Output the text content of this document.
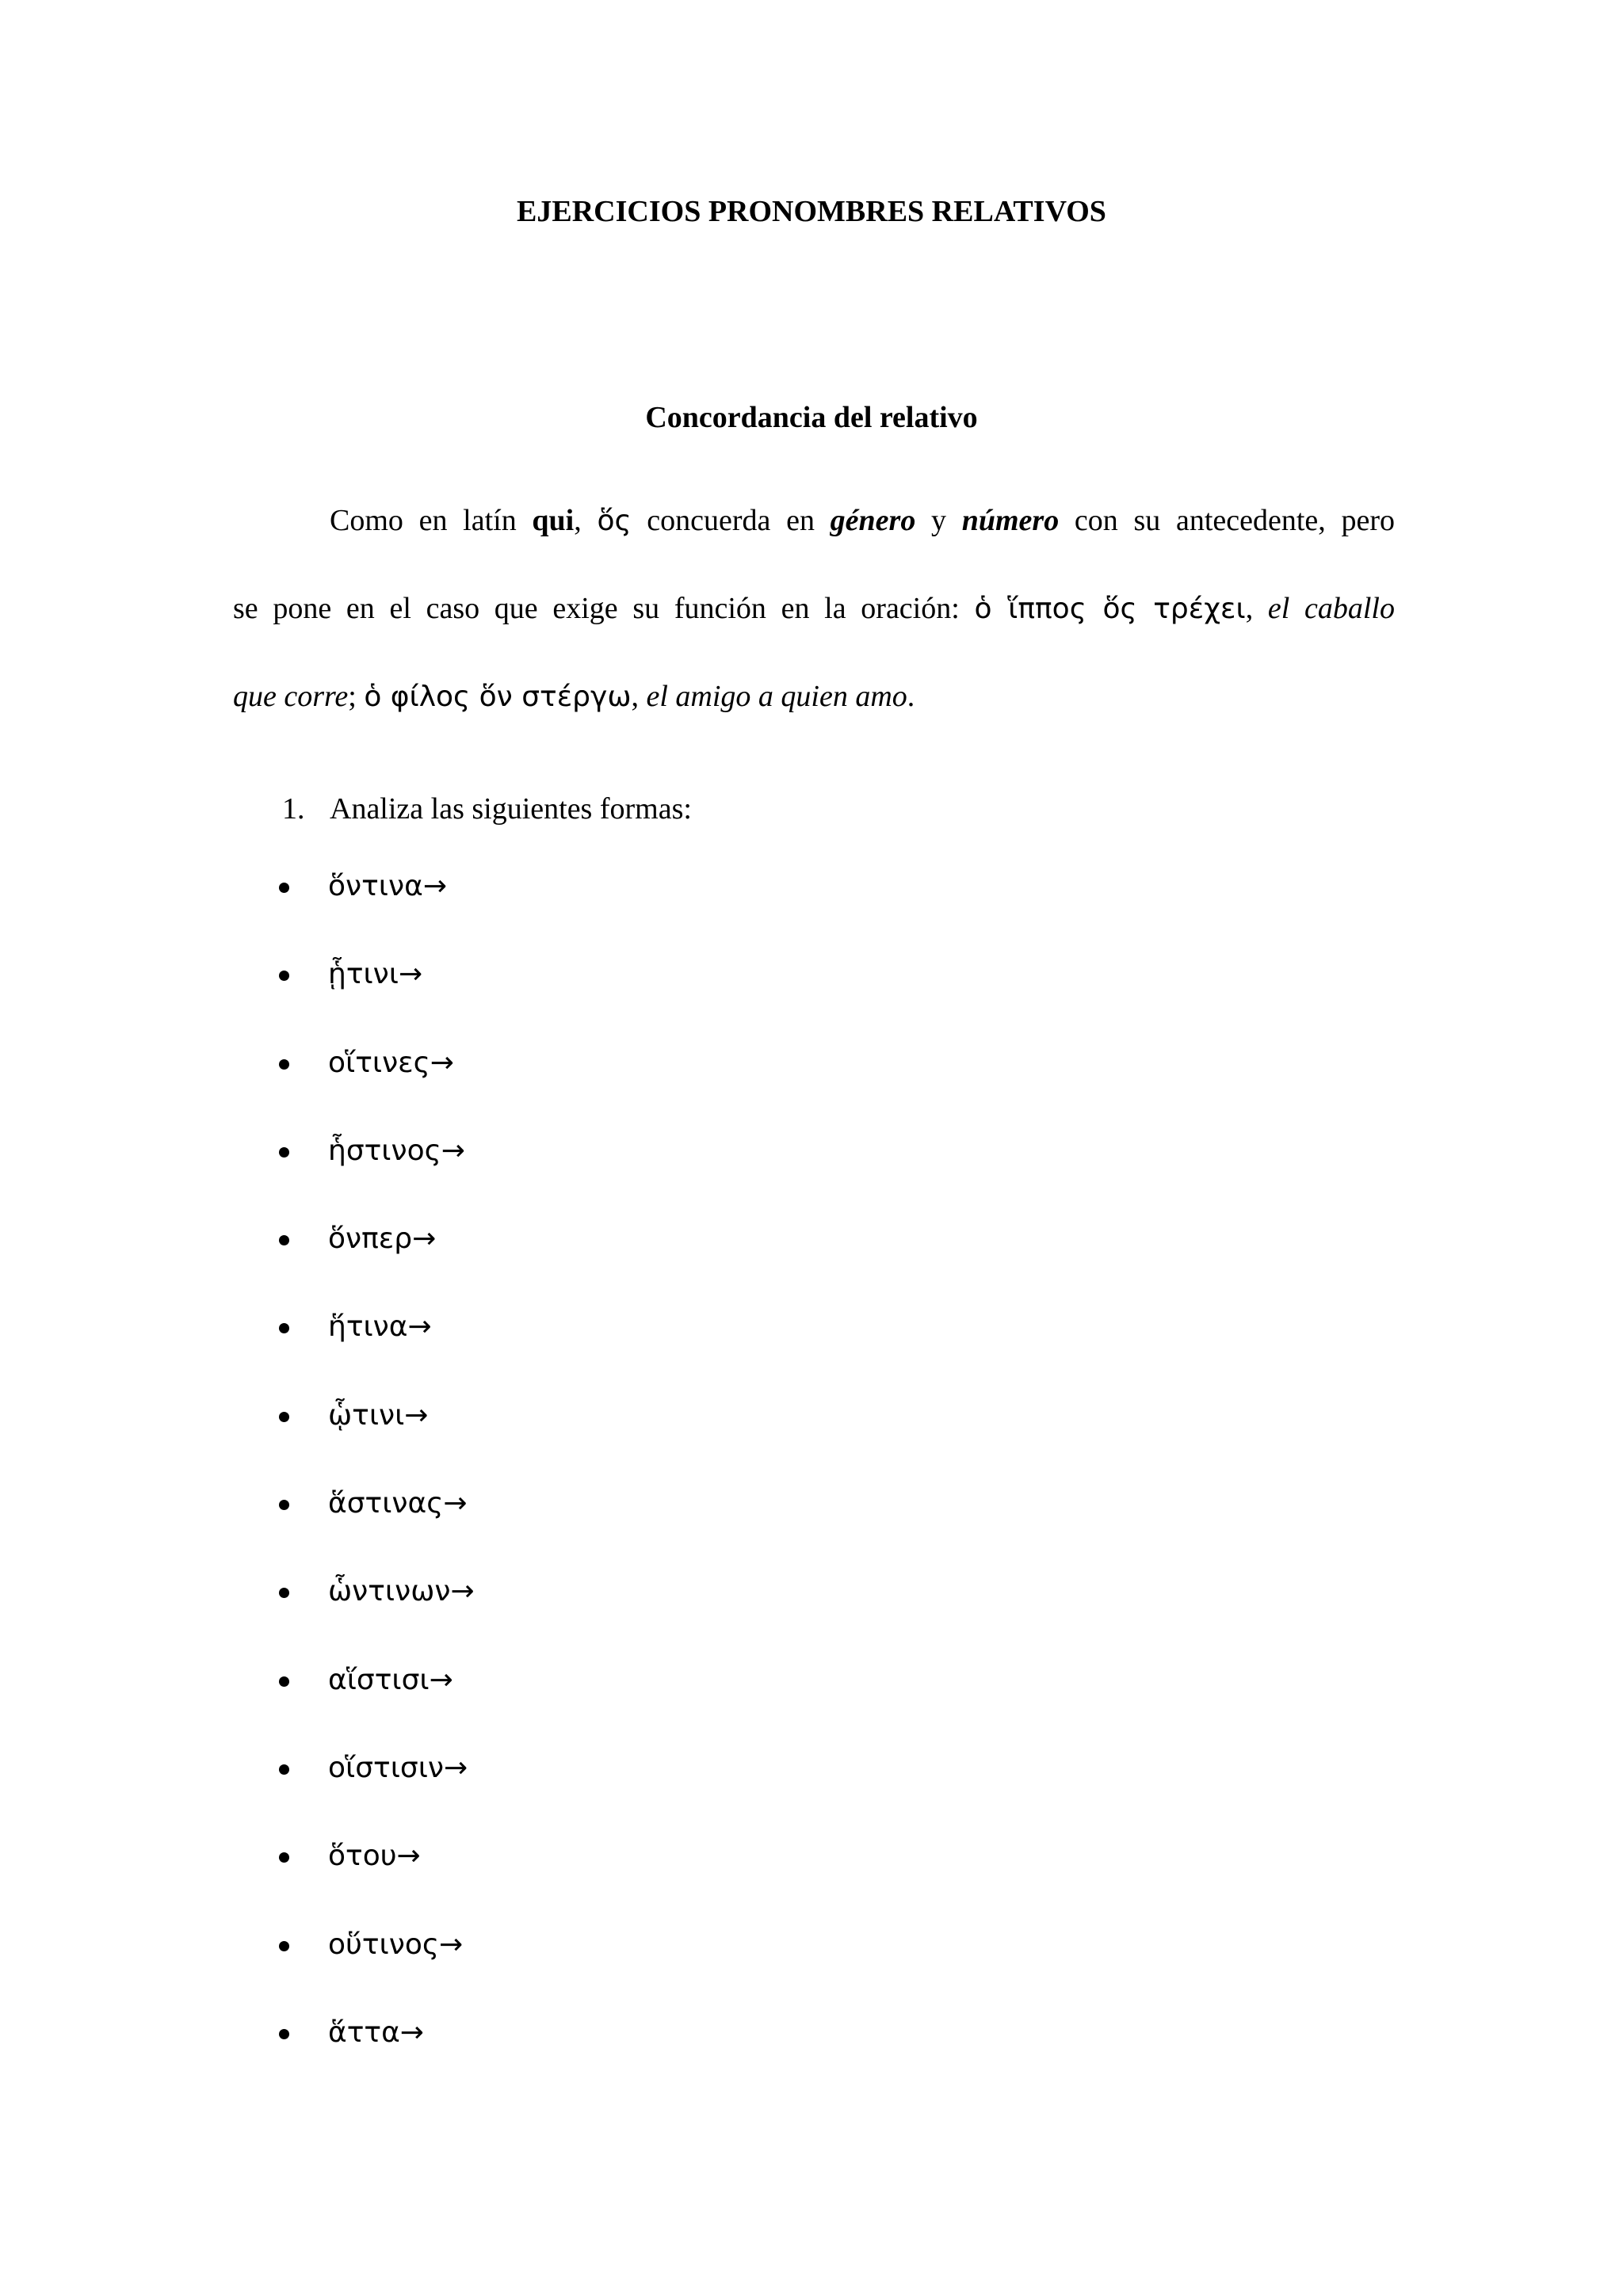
EJERCICIOS PRONOMBRES RELATIVOS
Concordancia del relativo
Como en latín qui, ὅς concuerda en género y número con su antecedente, pero
se pone en el caso que exige su función en la oración: ὁ ἵππος ὅς τρέχει, el caballo
que corre; ὁ φίλος ὅν στέργω, el amigo a quien amo.
1. Analiza las siguientes formas:
ὅντινα→
ᾗτινι→
οἵτινες→
ἧστινος→
ὅνπερ→
ἥτινα→
ᾧτινι→
ἅστινας→
ὧντινων→
αἵστισι→
οἵστισιν→
ὅτου→
οὕτινος→
ἅττα→
